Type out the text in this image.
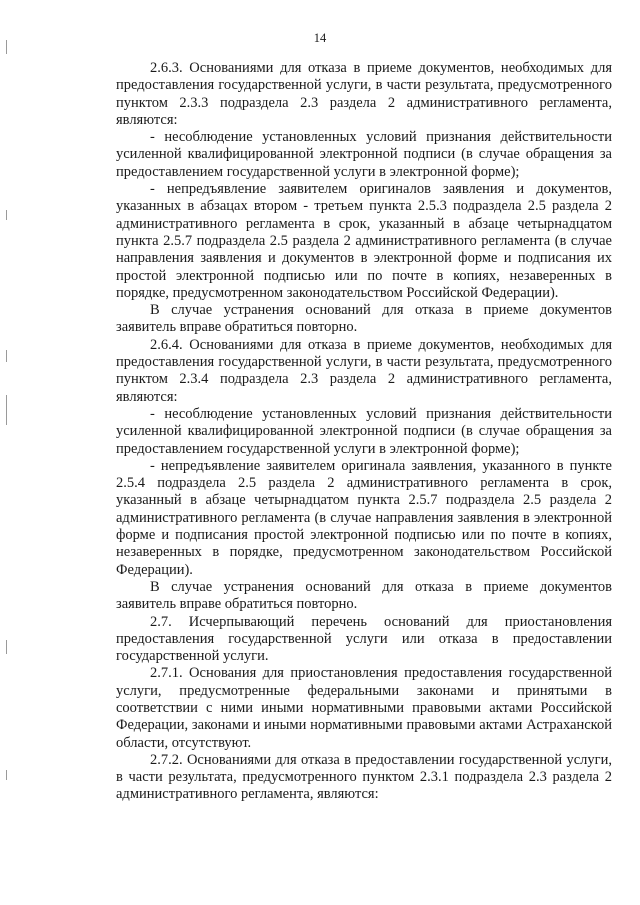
14

2.6.3. Основаниями для отказа в приеме документов, необходимых для предоставления государственной услуги, в части результата, предусмотренного пунктом 2.3.3 подраздела 2.3 раздела 2 административного регламента, являются:

- несоблюдение установленных условий признания действительности усиленной квалифицированной электронной подписи (в случае обращения за предоставлением государственной услуги в электронной форме);

- непредъявление заявителем оригиналов заявления и документов, указанных в абзацах втором - третьем пункта 2.5.3 подраздела 2.5 раздела 2 административного регламента в срок, указанный в абзаце четырнадцатом пункта 2.5.7 подраздела 2.5 раздела 2 административного регламента (в случае направления заявления и документов в электронной форме и подписания их простой электронной подписью или по почте в копиях, незаверенных в порядке, предусмотренном законодательством Российской Федерации).

В случае устранения оснований для отказа в приеме документов заявитель вправе обратиться повторно.

2.6.4. Основаниями для отказа в приеме документов, необходимых для предоставления государственной услуги, в части результата, предусмотренного пунктом 2.3.4 подраздела 2.3 раздела 2 административного регламента, являются:

- несоблюдение установленных условий признания действительности усиленной квалифицированной электронной подписи (в случае обращения за предоставлением государственной услуги в электронной форме);

- непредъявление заявителем оригинала заявления, указанного в пункте 2.5.4 подраздела 2.5 раздела 2 административного регламента в срок, указанный в абзаце четырнадцатом пункта 2.5.7 подраздела 2.5 раздела 2 административного регламента (в случае направления заявления в электронной форме и подписания простой электронной подписью или по почте в копиях, незаверенных в порядке, предусмотренном законодательством Российской Федерации).

В случае устранения оснований для отказа в приеме документов заявитель вправе обратиться повторно.

2.7. Исчерпывающий перечень оснований для приостановления предоставления государственной услуги или отказа в предоставлении государственной услуги.

2.7.1. Основания для приостановления предоставления государственной услуги, предусмотренные федеральными законами и принятыми в соответствии с ними иными нормативными правовыми актами Российской Федерации, законами и иными нормативными правовыми актами Астраханской области, отсутствуют.

2.7.2. Основаниями для отказа в предоставлении государственной услуги, в части результата, предусмотренного пунктом 2.3.1 подраздела 2.3 раздела 2 административного регламента, являются:
